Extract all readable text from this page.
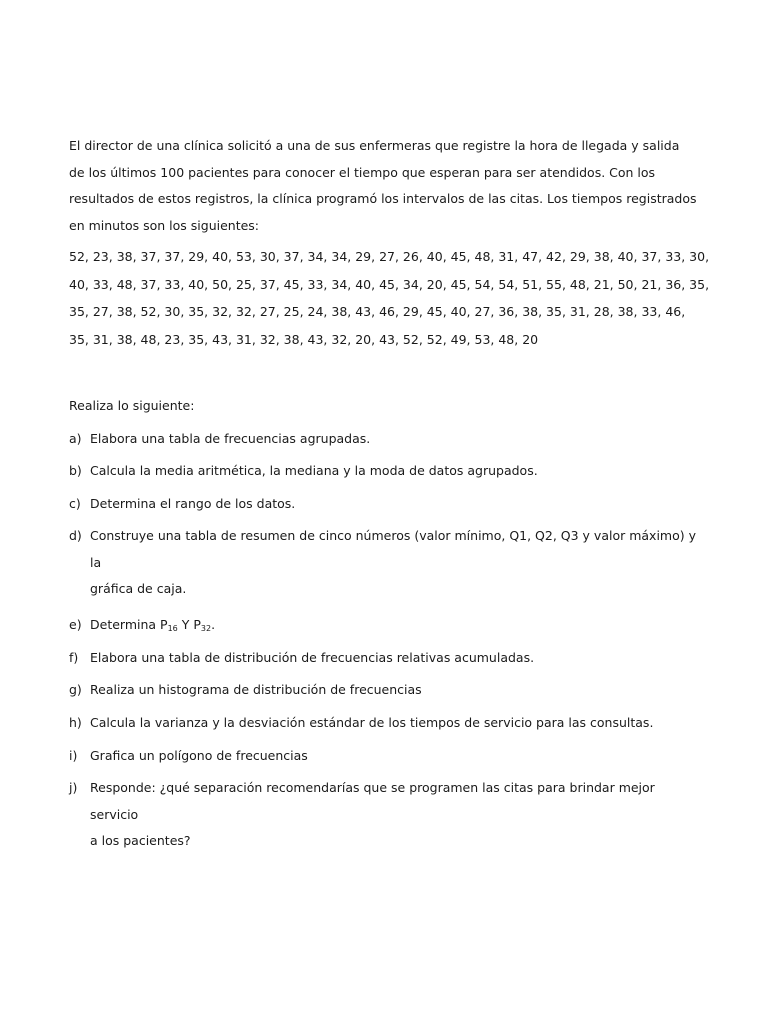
El director de una clínica solicitó a una de sus enfermeras que registre la hora de llegada y salida

de los últimos 100 pacientes para conocer el tiempo que esperan para ser atendidos. Con los

resultados de estos registros, la clínica programó los intervalos de las citas. Los tiempos registrados

en minutos son los siguientes:

52, 23, 38, 37, 37, 29, 40, 53, 30, 37, 34, 34, 29, 27, 26, 40, 45, 48, 31, 47, 42, 29, 38, 40, 37, 33, 30,

40, 33, 48, 37, 33, 40, 50, 25, 37, 45, 33, 34, 40, 45, 34, 20, 45, 54, 54, 51, 55, 48, 21, 50, 21, 36, 35,

35, 27, 38, 52, 30, 35, 32, 32, 27, 25, 24, 38, 43, 46, 29, 45, 40, 27, 36, 38, 35, 31, 28, 38, 33, 46,

35, 31, 38, 48, 23, 35, 43, 31, 32, 38, 43, 32, 20, 43, 52, 52, 49, 53, 48, 20

Realiza lo siguiente:
a) Elabora una tabla de frecuencias agrupadas.
b) Calcula la media aritmética, la mediana y la moda de datos agrupados.
c) Determina el rango de los datos.
d) Construye una tabla de resumen de cinco números (valor mínimo, Q1, Q2, Q3 y valor máximo) y la
gráfica de caja.
e) Determina $P_{16}$ Y $P_{32}$.
f) Elabora una tabla de distribución de frecuencias relativas acumuladas.
g) Realiza un histograma de distribución de frecuencias
h) Calcula la varianza y la desviación estándar de los tiempos de servicio para las consultas.
i) Grafica un polígono de frecuencias
j) Responde: ¿qué separación recomendarías que se programen las citas para brindar mejor servicio
a los pacientes?
